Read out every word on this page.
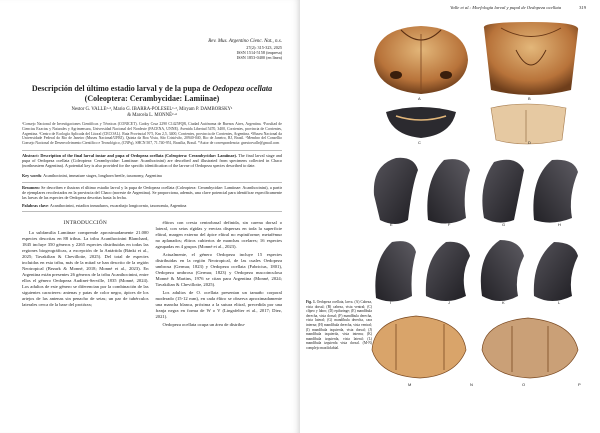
Rev. Mus. Argentino Cienc. Nat., n.s.
27(2): 315-323, 2025
ISSN 1514-5158 (impresa)
ISSN 1853-0400 (en línea)
Descripción del último estadio larval y de la pupa de Oedopeza ocellata (Coleoptera: Cerambycidae: Lamiinae)
Nestor G. VALLE¹·², Mario G. IBARRA-POLESEL¹·², Miryam P. DAMBORSKY¹
& Marcela L. MONNÉ³·⁴
¹Consejo Nacional de Investigaciones Científicas y Técnicas (CONICET). Godoy Cruz 2290 C1425FQB, Ciudad Autónoma de Buenos Aires, Argentina. ²Facultad de Ciencias Exactas y Naturales y Agrimensura, Universidad Nacional del Nordeste (FACENA, UNNE). Avenida Libertad 5470, 3400, Corrientes, provincia de Corrientes, Argentina. ³Centro de Ecología Aplicada del Litoral (CECOAL). Ruta Provincial N°5, Km 2,5, 3400, Corrientes, provincia de Corrientes, Argentina. ⁴Museu Nacional da Universidade Federal do Rio de Janeiro (Museu Nacional/UFRJ), Quinta da Boa Vista, São Cristóvão, 20940-040, Rio de Janeiro, RJ, Brasil. ⁵Membro del Consellio Consejo Nacional de Desenvolvimento Científico e Tecnológico, (CNPq), SHCN 507, 71.740-951, Brasília, Brasil. *Autor de correspondencia: gnestorvalle@gmail.com
Abstract: Description of the final larval instar and pupa of Oedopeza ocellata (Coleoptera: Cerambycidae: Lamiinae). The final larval stage and pupa of Oedopeza ocellata (Coleoptera: Cerambycidae: Lamiinae: Acanthocinini) are described and illustrated from specimens collected in Chaco (northeastern Argentina). A potential key is also provided for the specific identification of the larvae of Oedopeza species described to date.
Key words: Acanthocinini, immature stages, longhorn beetle, taxonomy, Argentina
Resumen: Se describen e ilustran el último estadio larval y la pupa de Oedopeza ocellata (Coleoptera: Cerambycidae: Lamiinae: Acanthocinini), a partir de ejemplares recolectados en la provincia del Chaco (noreste de Argentina). Se proporciona, además, una clave potencial para identificar específicamente las larvas de las especies de Oedopeza descritas hasta la fecha.
Palabras clave: Acanthocinini, estadios inmaduros, escarabajo longicornio, taxonomía, Argentina
INTRODUCCIÓN

La subfamilia Lamiinae comprende aproximadamente 21.000 especies descritas en 88 tribus. La tribu Acanthocinini Blanchard, 1845 incluye 350 géneros y 2265 especies distribuidas en todas las regiones biogeográficas, a excepción de la Antártida (Bánki et al., 2025; Tavakilian & Chevillotte, 2025). Del total de especies incluidas en esta tribu, más de la mitad se han descrito de la región Neotropical (Bezark & Monné, 2018; Monné et al., 2023). En Argentina están presentes 26 géneros de la tribu Acanthocinini, entre ellos el género Oedopeza Audinet-Serville, 1835 (Monné, 2024). Los adultos de este género se diferencian por la combinación de las siguientes caracteres: antenas y patas de color negro, ápices de los artejos de las antenas sin penacho de setas; un par de tubérculos laterales cerca de la base del protórax;

élitros con cresta centrobasal definida, sin carena dorsal o lateral, con setas rígidas y erectas dispersas en toda la superficie elitral, margen externo del ápice elitral no espiniforme; metafémur no aplanados; élitros cubiertos de manchas ocelares; 16 especies agrupadas en 4 grupos (Monné et al., 2023).

Actualmente, el género Oedopeza incluye 15 especies distribuidas en la región Neotropical, de las cuales Oedopeza umbrosa (Germar, 1823) y Oedopeza ocellata (Fabricius, 1801), Oedopeza umbrosa (Germar, 1823) y Oedopeza nuscoinculosa Monné & Martins, 1976 se citan para Argentina (Monné, 2024; Tavakilian & Chevillotte, 2025).

Los adultos de O. ocellata presentan un tamaño corporal moderado (15-12 mm), en cada élitro se observa aproximadamente una mancha blanca, próxima a la sutura elitral, precedida por una franja negra en forma de W o V (Lingafelter et al., 2017; Diez, 2021).

Oedopeza ocellata ocupa un área de distribu-

Valle et al.: Morfología larval y pupal de Oedopeza ocellata	319
A	B
C	D
E	F	G	H
I	J	K	L
M	N	O	P
Fig. 1. Oedopeza ocellata, larva. (A) Cabeza, vista dorsal; (B) cabeza, vista ventral; (C) clípeo y labro; (D) epifaringe; (E) mandíbula derecha, vista dorsal; (F) mandíbula derecha, vista lateral; (G) mandíbula derecha, cara interna; (H) mandíbula derecha, vista ventral; (I) mandíbula izquierda, vista dorsal; (J) mandíbula izquierda, vista interna; (K) mandíbula izquierda, vista lateral; (L) mandíbula izquierda vista dorsal. (M-N) complejo maxilolabial.
